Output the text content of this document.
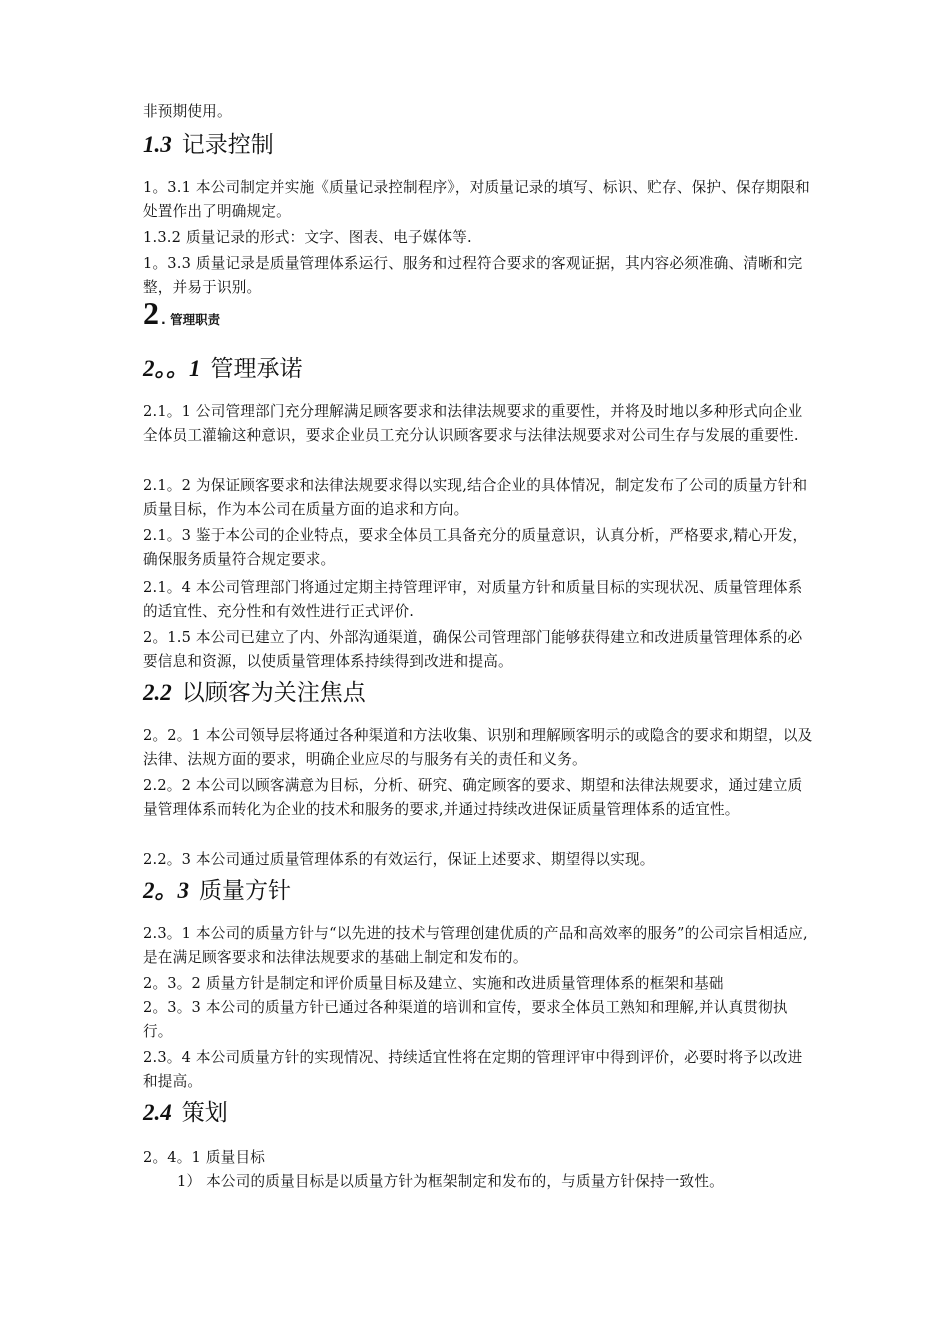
非预期使用。

1.3 记录控制

1。3.1 本公司制定并实施《质量记录控制程序》，对质量记录的填写、标识、贮存、保护、保存期限和处置作出了明确规定。

1.3.2 质量记录的形式：文字、图表、电子媒体等.

1。3.3 质量记录是质量管理体系运行、服务和过程符合要求的客观证据，其内容必须准确、清晰和完整，并易于识别。

2 . 管理职责
2。。1 管理承诺

2.1。1 公司管理部门充分理解满足顾客要求和法律法规要求的重要性，并将及时地以多种形式向企业全体员工灌输这种意识，要求企业员工充分认识顾客要求与法律法规要求对公司生存与发展的重要性.

2.1。2 为保证顾客要求和法律法规要求得以实现,结合企业的具体情况，制定发布了公司的质量方针和质量目标，作为本公司在质量方面的追求和方向。

2.1。3 鉴于本公司的企业特点，要求全体员工具备充分的质量意识，认真分析，严格要求,精心开发，确保服务质量符合规定要求。

2.1。4 本公司管理部门将通过定期主持管理评审，对质量方针和质量目标的实现状况、质量管理体系的适宜性、充分性和有效性进行正式评价.

2。1.5 本公司已建立了内、外部沟通渠道，确保公司管理部门能够获得建立和改进质量管理体系的必要信息和资源，以使质量管理体系持续得到改进和提高。

2.2 以顾客为关注焦点

2。2。1 本公司领导层将通过各种渠道和方法收集、识别和理解顾客明示的或隐含的要求和期望，以及法律、法规方面的要求，明确企业应尽的与服务有关的责任和义务。

2.2。2 本公司以顾客满意为目标，分析、研究、确定顾客的要求、期望和法律法规要求，通过建立质量管理体系而转化为企业的技术和服务的要求,并通过持续改进保证质量管理体系的适宜性。

2.2。3 本公司通过质量管理体系的有效运行，保证上述要求、期望得以实现。

2。3 质量方针

2.3。1 本公司的质量方针与“以先进的技术与管理创建优质的产品和高效率的服务”的公司宗旨相适应,是在满足顾客要求和法律法规要求的基础上制定和发布的。

2。3。2 质量方针是制定和评价质量目标及建立、实施和改进质量管理体系的框架和基础

2。3。3 本公司的质量方针已通过各种渠道的培训和宣传，要求全体员工熟知和理解,并认真贯彻执行。

2.3。4 本公司质量方针的实现情况、持续适宜性将在定期的管理评审中得到评价，必要时将予以改进和提高。

2.4 策划

2。4。1 质量目标

1） 本公司的质量目标是以质量方针为框架制定和发布的，与质量方针保持一致性。
